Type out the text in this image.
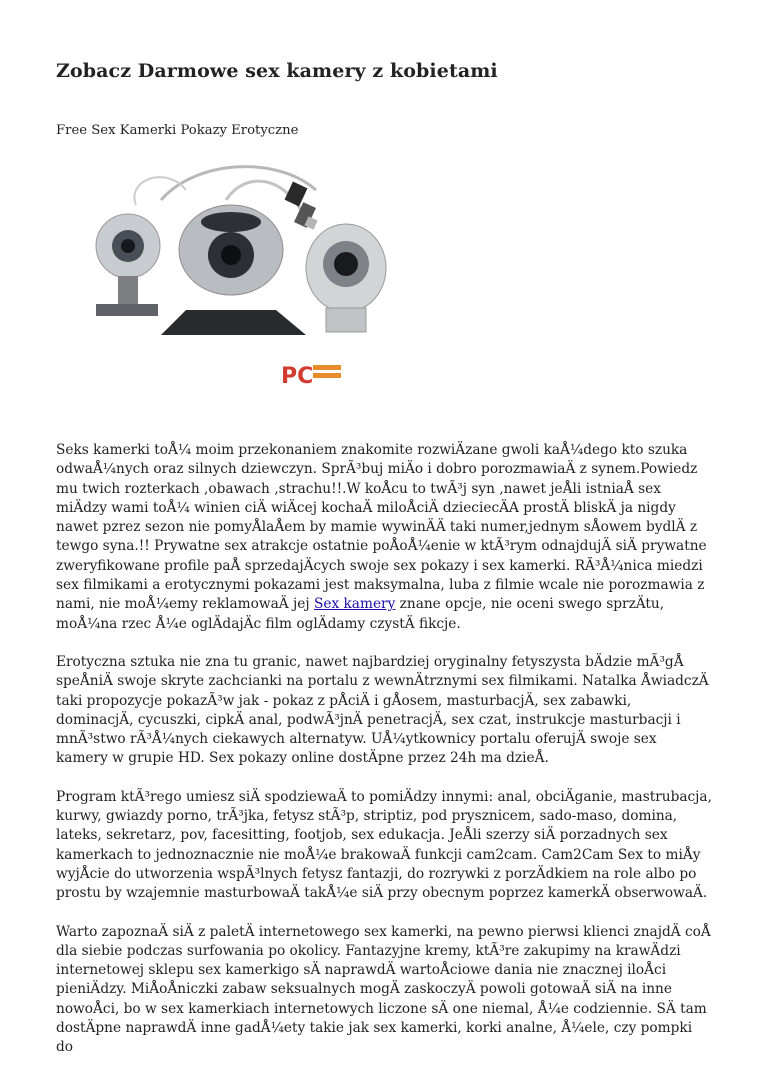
Zobacz Darmowe sex kamery z kobietami

Free Sex Kamerki Pokazy Erotyczne

PC

Seks kamerki toÅ¼ moim przekonaniem znakomite rozwiÄzane gwoli kaÅ¼dego kto szuka odwaÅ¼nych oraz silnych dziewczyn. SprÃ³buj miÄo i dobro porozmawiaÄ z synem.Powiedz mu twich rozterkach ,obawach ,strachu!!.W koÅcu to twÃ³j syn ,nawet jeÅli istniaÅ sex miÄdzy wami toÅ¼ winien ciÄ wiÄcej kochaÄ miloÅciÄ dzieciecÄA prostÄ bliskÄ ja nigdy nawet pzrez sezon nie pomyÅlaÅem by mamie wywinÄÄ taki numer,jednym sÅowem bydlÄ z tewgo syna.!! Prywatne sex atrakcje ostatnie poÅoÅ¼enie w ktÃ³rym odnajdujÄ siÄ prywatne zweryfikowane profile paÅ sprzedajÄcych swoje sex pokazy i sex kamerki. RÃ³Å¼nica miedzi sex filmikami a erotycznymi pokazami jest maksymalna, luba z filmie wcale nie porozmawia z nami, nie moÅ¼emy reklamowaÄ jej Sex kamery znane opcje, nie oceni swego sprzÄtu, moÅ¼na rzec Å¼e oglÄdajÄc film oglÄdamy czystÄ fikcje.

Erotyczna sztuka nie zna tu granic, nawet najbardziej oryginalny fetyszysta bÄdzie mÃ³gÅ speÅniÄ swoje skryte zachcianki na portalu z wewnÄtrznymi sex filmikami. Natalka ÅwiadczÄ taki propozycje pokazÃ³w jak - pokaz z pÅciÄ i gÅosem, masturbacjÄ, sex zabawki, dominacjÄ, cycuszki, cipkÄ anal, podwÃ³jnÄ penetracjÄ, sex czat, instrukcje masturbacji i mnÃ³stwo rÃ³Å¼nych ciekawych alternatyw. UÅ¼ytkownicy portalu oferujÄ swoje sex kamery w grupie HD. Sex pokazy online dostÄpne przez 24h ma dzieÅ.

Program ktÃ³rego umiesz siÄ spodziewaÄ to pomiÄdzy innymi: anal, obciÄganie, mastrubacja, kurwy, gwiazdy porno, trÃ³jka, fetysz stÃ³p, striptiz, pod prysznicem, sado-maso, domina, lateks, sekretarz, pov, facesitting, footjob, sex edukacja. JeÅli szerzy siÄ porzadnych sex kamerkach to jednoznacznie nie moÅ¼e brakowaÄ funkcji cam2cam. Cam2Cam Sex to miÅy wyjÅcie do utworzenia wspÃ³lnych fetysz fantazji, do rozrywki z porzÄdkiem na role albo po prostu by wzajemnie masturbowaÄ takÅ¼e siÄ przy obecnym poprzez kamerkÄ obserwowaÄ.

Warto zapoznaÄ siÄ z paletÄ internetowego sex kamerki, na pewno pierwsi klienci znajdÄ coÅ dla siebie podczas surfowania po okolicy. Fantazyjne kremy, ktÃ³re zakupimy na krawÄdzi internetowej sklepu sex kamerkigo sÄ naprawdÄ wartoÅciowe dania nie znacznej iloÅci pieniÄdzy. MiÅoÅniczki zabaw seksualnych mogÄ zaskoczyÄ powoli gotowaÄ siÄ na inne nowoÅci, bo w sex kamerkiach internetowych liczone sÄ one niemal, Å¼e codziennie. SÄ tam dostÄpne naprawdÄ inne gadÅ¼ety takie jak sex kamerki, korki analne, Å¼ele, czy pompki do
